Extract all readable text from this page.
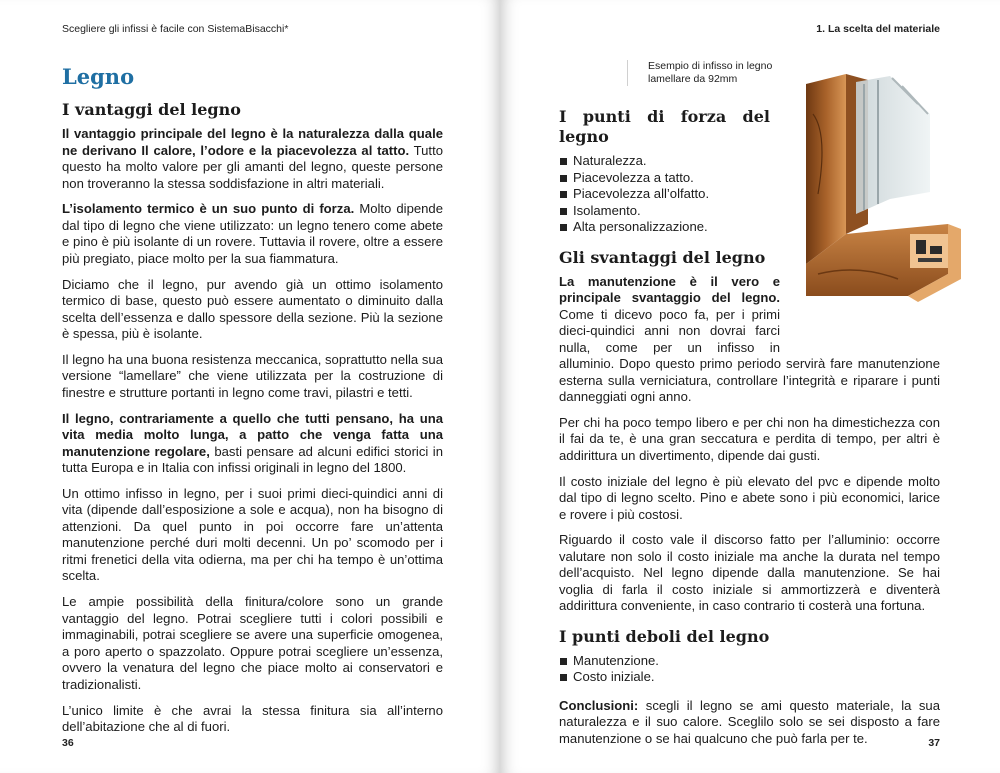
Scegliere gli infissi è facile con SistemaBisacchi*
Legno
I vantaggi del legno

Il vantaggio principale del legno è la naturalezza dalla quale ne derivano Il calore, l’odore e la piacevolezza al tatto. Tutto questo ha molto valore per gli amanti del legno, queste persone non troveranno la stessa soddisfazione in altri materiali.

L’isolamento termico è un suo punto di forza. Molto dipende dal tipo di legno che viene utilizzato: un legno tenero come abete e pino è più isolante di un rovere. Tuttavia il rovere, oltre a essere più pregiato, piace molto per la sua fiammatura.

Diciamo che il legno, pur avendo già un ottimo isolamento termico di base, questo può essere aumentato o diminuito dalla scelta dell’essenza e dallo spessore della sezione. Più la sezione è spessa, più è isolante.

Il legno ha una buona resistenza meccanica, soprattutto nella sua versione “lamellare” che viene utilizzata per la costruzione di finestre e strutture portanti in legno come travi, pilastri e tetti.

Il legno, contrariamente a quello che tutti pensano, ha una vita media molto lunga, a patto che venga fatta una manutenzione regolare, basti pensare ad alcuni edifici storici in tutta Europa e in Italia con infissi originali in legno del 1800.

Un ottimo infisso in legno, per i suoi primi dieci-quindici anni di vita (dipende dall’esposizione a sole e acqua), non ha bisogno di attenzioni. Da quel punto in poi occorre fare un’attenta manutenzione perché duri molti decenni. Un po’ scomodo per i ritmi frenetici della vita odierna, ma per chi ha tempo è un’ottima scelta.

Le ampie possibilità della finitura/colore sono un grande vantaggio del legno. Potrai scegliere tutti i colori possibili e immaginabili, potrai scegliere se avere una superficie omogenea, a poro aperto o spazzolato. Oppure potrai scegliere un’essenza, ovvero la venatura del legno che piace molto ai conservatori e tradizionalisti.

L’unico limite è che avrai la stessa finitura sia all’interno dell’abitazione che al di fuori.

36
1. La scelta del materiale
Esempio di infisso in legno
lamellare da 92mm
I punti di forza del legno
Naturalezza.
Piacevolezza a tatto.
Piacevolezza all’olfatto.
Isolamento.
Alta personalizzazione.
Gli svantaggi del legno

La manutenzione è il vero e principale svantaggio del legno. Come ti dicevo poco fa, per i primi dieci-quindici anni non dovrai farci nulla, come per un infisso in alluminio. Dopo questo primo periodo servirà fare manutenzione esterna sulla verniciatura, controllare l’integrità e riparare i punti danneggiati ogni anno.

Per chi ha poco tempo libero e per chi non ha dimestichezza con il fai da te, è una gran seccatura e perdita di tempo, per altri è addirittura un divertimento, dipende dai gusti.

Il costo iniziale del legno è più elevato del pvc e dipende molto dal tipo di legno scelto. Pino e abete sono i più economici, larice e rovere i più costosi.

Riguardo il costo vale il discorso fatto per l’alluminio: occorre valutare non solo il costo iniziale ma anche la durata nel tempo dell’acquisto. Nel legno dipende dalla manutenzione. Se hai voglia di farla il costo iniziale si ammortizzerà e diventerà addirittura conveniente, in caso contrario ti costerà una fortuna.

I punti deboli del legno
Manutenzione.
Costo iniziale.

Conclusioni: scegli il legno se ami questo materiale, la sua naturalezza e il suo calore. Sceglilo solo se sei disposto a fare manutenzione o se hai qualcuno che può farla per te.	37
